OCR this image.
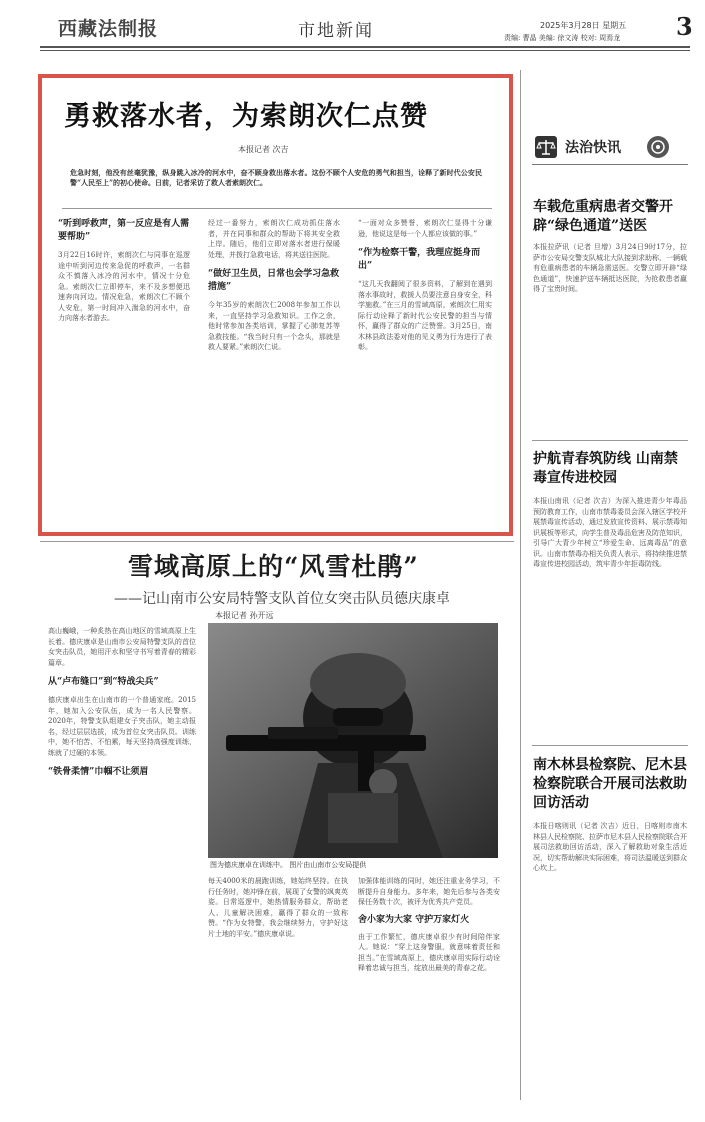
西藏法制报	市地新闻	2025年3月28日 星期五
责编: 曹晶 美编: 徐文涛 校对: 周焉龙 3
勇救落水者，为索朗次仁点赞
本报记者 次吉
危急时刻，他没有丝毫犹豫，纵身跳入冰冷的河水中，奋不顾身救出落水者。这份不顾个人安危的勇气和担当，诠释了新时代公安民警“人民至上”的初心使命。日前，记者采访了救人者索朗次仁。
“听到呼救声，第一反应是有人需要帮助”
3月22日16时许，索朗次仁与同事在巡逻途中听到河边传来急促的呼救声，一名群众不慎落入冰冷的河水中，情况十分危急。索朗次仁立即停车，来不及多想便迅速奔向河边。情况危急，索朗次仁不顾个人安危，第一时间冲入湍急的河水中，奋力向落水者游去。
经过一番努力，索朗次仁成功抓住落水者，并在同事和群众的帮助下将其安全救上岸。随后，他们立即对落水者进行保暖处理，并拨打急救电话，将其送往医院。
“做好卫生员，日常也会学习急救措施”
今年35岁的索朗次仁2008年参加工作以来，一直坚持学习急救知识。工作之余，他时常参加各类培训，掌握了心肺复苏等急救技能。“我当时只有一个念头，那就是救人要紧。”索朗次仁说。
“一面对众多赞誉，索朗次仁显得十分谦逊，他说这是每一个人都应该做的事。”
“作为检察干警，我理应挺身而出”
“这几天我翻阅了很多资料，了解到在遇到落水事故时，救援人员要注意自身安全，科学施救。”在三月的雪域高原，索朗次仁用实际行动诠释了新时代公安民警的担当与情怀，赢得了群众的广泛赞誉。3月25日，南木林县政法委对他的见义勇为行为进行了表彰。
法治快讯
车载危重病患者交警开辟“绿色通道”送医
本报拉萨讯（记者 旦增）3月24日9时17分，拉萨市公安局交警支队城北大队接到求助称，一辆载有危重病患者的车辆急需送医。交警立即开辟“绿色通道”，快速护送车辆抵达医院，为抢救患者赢得了宝贵时间。
护航青春筑防线 山南禁毒宣传进校园
本报山南讯（记者 次吉）为深入推进青少年毒品预防教育工作，山南市禁毒委员会深入辖区学校开展禁毒宣传活动，通过发放宣传资料、展示禁毒知识展板等形式，向学生普及毒品危害及防范知识，引导广大青少年树立“珍爱生命、远离毒品”的意识。山南市禁毒办相关负责人表示，将持续推进禁毒宣传进校园活动，筑牢青少年拒毒防线。
南木林县检察院、尼木县检察院联合开展司法救助回访活动
本报日喀则讯（记者 次吉）近日，日喀则市南木林县人民检察院、拉萨市尼木县人民检察院联合开展司法救助回访活动，深入了解救助对象生活近况，切实帮助解决实际困难，将司法温暖送到群众心坎上。
雪域高原上的“风雪杜鹃”
——记山南市公安局特警支队首位女突击队员德庆康卓
本报记者 孙开远
高山巍峨，一种炙热在高山地区的雪域高原上生长着。德庆康卓是山南市公安局特警支队的首位女突击队员，她用汗水和坚守书写着青春的精彩篇章。
从“卢布缝口”到“特战尖兵”
德庆康卓出生在山南市的一个普通家庭。2015年，她加入公安队伍，成为一名人民警察。2020年，特警支队组建女子突击队，她主动报名，经过层层选拔，成为首位女突击队员。训练中，她不怕苦、不怕累，每天坚持高强度训练，练就了过硬的本领。
“铁骨柔情”巾帼不让须眉
图为德庆康卓在训练中。 图片由山南市公安局提供
每天4000米的晨跑训练，她始终坚持。在执行任务时，她冲锋在前，展现了女警的飒爽英姿。日常巡逻中，她热情服务群众，帮助老人、儿童解决困难，赢得了群众的一致称赞。“作为女特警，我会继续努力，守护好这片土地的平安。”德庆康卓说。
加强体能训练的同时，她还注重业务学习，不断提升自身能力。多年来，她先后参与各类安保任务数十次，被评为优秀共产党员。
舍小家为大家 守护万家灯火
由于工作繁忙，德庆康卓很少有时间陪伴家人。她说：“穿上这身警服，就意味着责任和担当。”在雪域高原上，德庆康卓用实际行动诠释着忠诚与担当，绽放出最美的青春之花。
